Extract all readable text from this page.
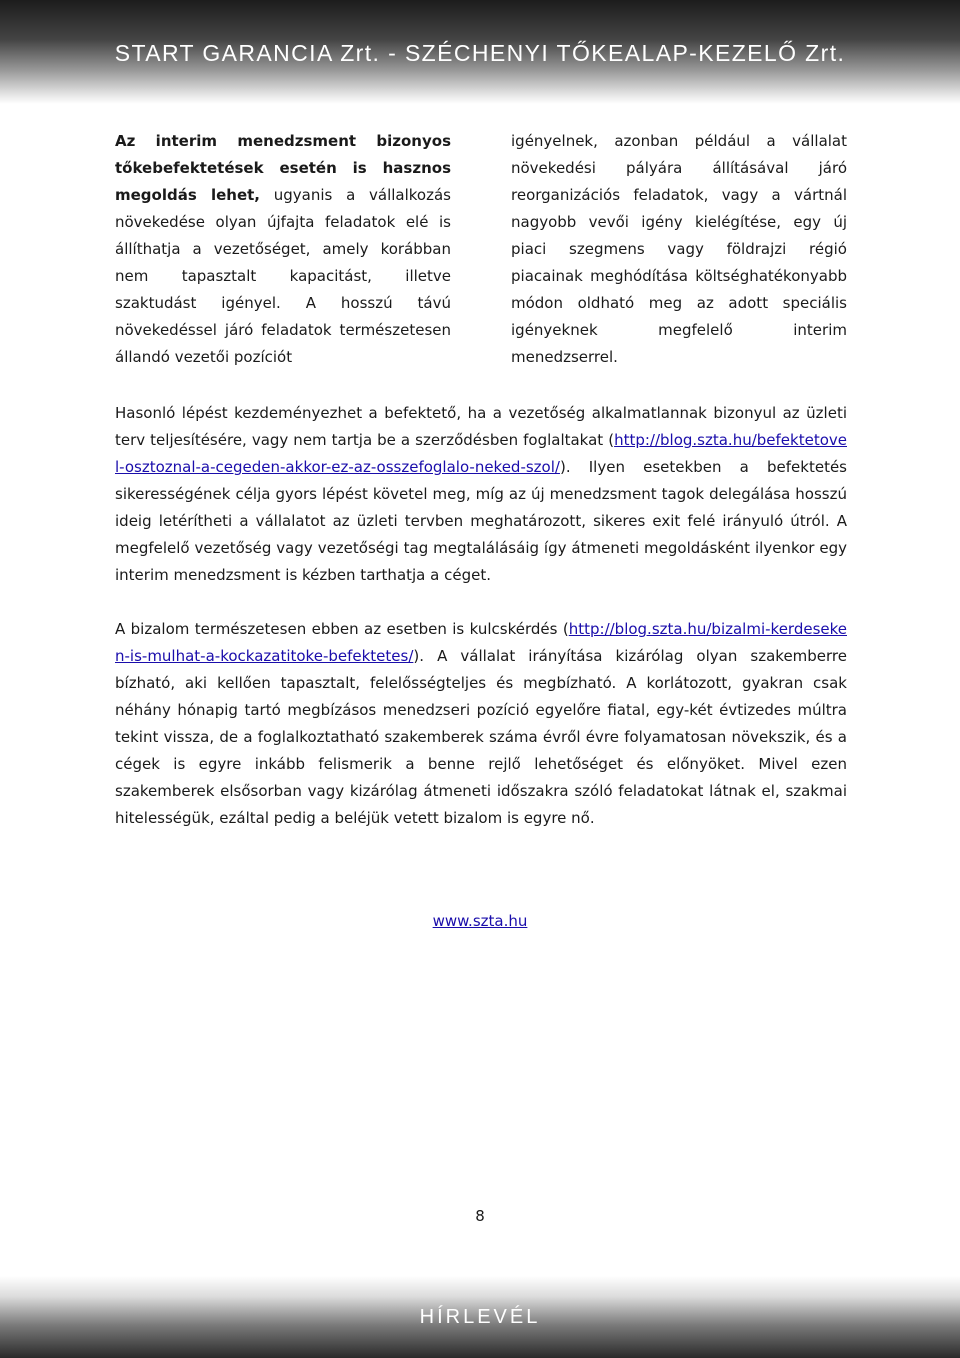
START GARANCIA Zrt. - SZÉCHENYI TŐKEALAP-KEZELŐ Zrt.

Az interim menedzsment bizonyos tőkebefektetések esetén is hasznos megoldás lehet, ugyanis a vállalkozás növekedése olyan újfajta feladatok elé is állíthatja a vezetőséget, amely korábban nem tapasztalt kapacitást, illetve szaktudást igényel. A hosszú távú növekedéssel járó feladatok természetesen állandó vezetői pozíciót

igényelnek, azonban például a vállalat növekedési pályára állításával járó reorganizációs feladatok, vagy a vártnál nagyobb vevői igény kielégítése, egy új piaci szegmens vagy földrajzi régió piacainak meghódítása költséghatékonyabb módon oldható meg az adott speciális igényeknek megfelelő interim menedzserrel.

Hasonló lépést kezdeményezhet a befektető, ha a vezetőség alkalmatlannak bizonyul az üzleti terv teljesítésére, vagy nem tartja be a szerződésben foglaltakat (http://blog.szta.hu/befektetovel-osztoznal-a-cegeden-akkor-ez-az-osszefoglalo-neked-szol/). Ilyen esetekben a befektetés sikerességének célja gyors lépést követel meg, míg az új menedzsment tagok delegálása hosszú ideig letérítheti a vállalatot az üzleti tervben meghatározott, sikeres exit felé irányuló útról. A megfelelő vezetőség vagy vezetőségi tag megtalálásáig így átmeneti megoldásként ilyenkor egy interim menedzsment is kézben tarthatja a céget.

A bizalom természetesen ebben az esetben is kulcskérdés (http://blog.szta.hu/bizalmi-kerdeseken-is-mulhat-a-kockazatitoke-befektetes/). A vállalat irányítása kizárólag olyan szakemberre bízható, aki kellően tapasztalt, felelősségteljes és megbízható. A korlátozott, gyakran csak néhány hónapig tartó megbízásos menedzseri pozíció egyelőre fiatal, egy-két évtizedes múltra tekint vissza, de a foglalkoztatható szakemberek száma évről évre folyamatosan növekszik, és a cégek is egyre inkább felismerik a benne rejlő lehetőséget és előnyöket. Mivel ezen szakemberek elsősorban vagy kizárólag átmeneti időszakra szóló feladatokat látnak el, szakmai hitelességük, ezáltal pedig a beléjük vetett bizalom is egyre nő.

www.szta.hu
8
HÍRLEVÉL
